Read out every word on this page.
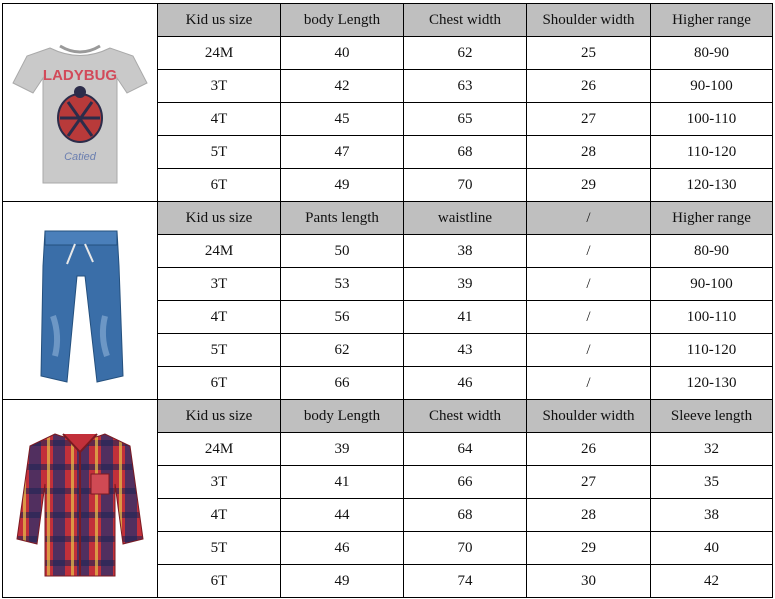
LADYBUG
Catied	Kid us size	body Length	Chest width	Shoulder width	Higher range
	24M	40	62	25	80-90
	3T	42	63	26	90-100
	4T	45	65	27	100-110
	5T	47	68	28	110-120
	6T	49	70	29	120-130

	Kid us size	Pants length	waistline	/	Higher range
	24M	50	38	/	80-90
	3T	53	39	/	90-100
	4T	56	41	/	100-110
	5T	62	43	/	110-120
	6T	66	46	/	120-130

	Kid us size	body Length	Chest width	Shoulder width	Sleeve length
	24M	39	64	26	32
	3T	41	66	27	35
	4T	44	68	28	38
	5T	46	70	29	40
	6T	49	74	30	42
